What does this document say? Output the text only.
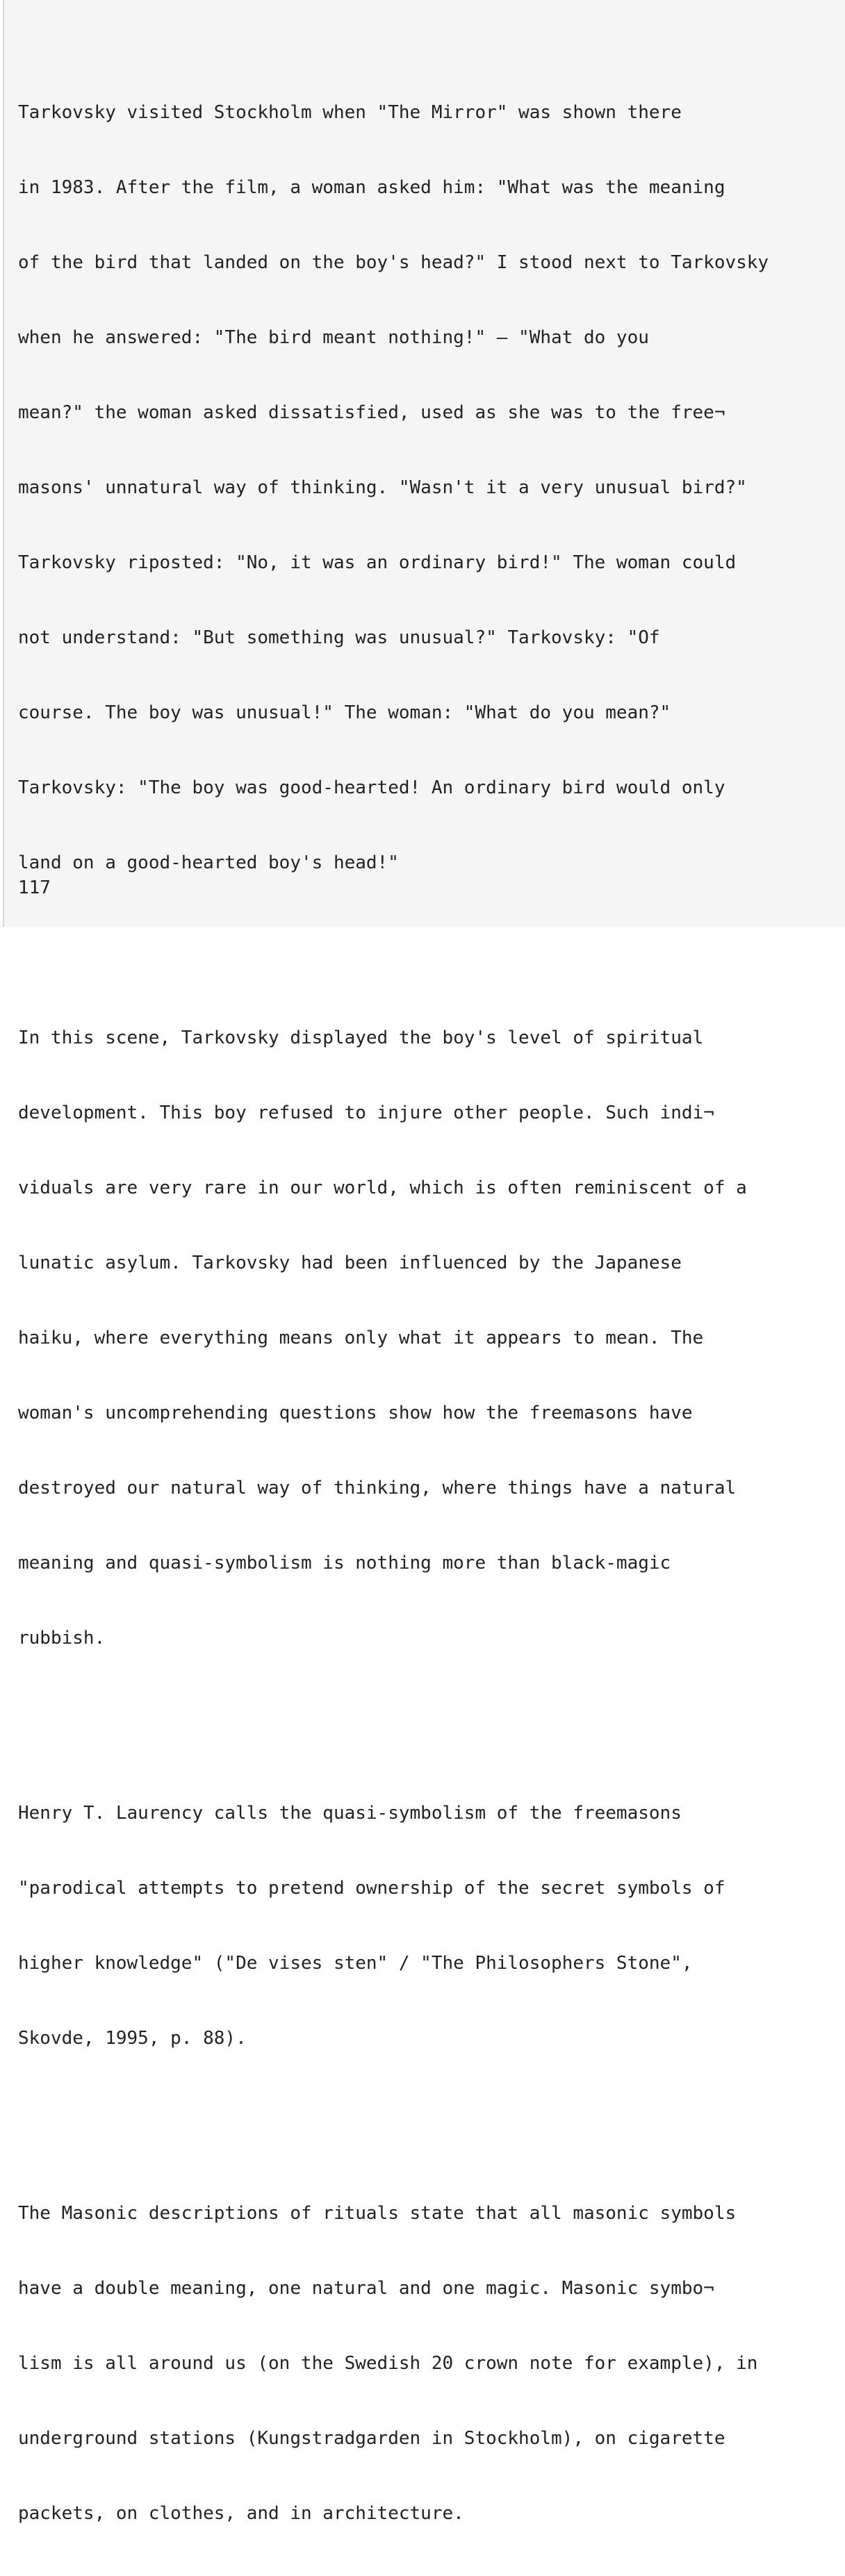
Tarkovsky visited Stockholm when "The Mirror" was shown there

in 1983. After the film, a woman asked him: "What was the meaning

of the bird that landed on the boy's head?" I stood next to Tarkovsky

when he answered: "The bird meant nothing!" – "What do you

mean?" the woman asked dissatisfied, used as she was to the free¬

masons' unnatural way of thinking. "Wasn't it a very unusual bird?"

Tarkovsky riposted: "No, it was an ordinary bird!" The woman could

not understand: "But something was unusual?" Tarkovsky: "Of

course. The boy was unusual!" The woman: "What do you mean?"

Tarkovsky: "The boy was good-hearted! An ordinary bird would only

land on a good-hearted boy's head!"

In this scene, Tarkovsky displayed the boy's level of spiritual

development. This boy refused to injure other people. Such indi¬

viduals are very rare in our world, which is often reminiscent of a

lunatic asylum. Tarkovsky had been influenced by the Japanese

haiku, where everything means only what it appears to mean. The

woman's uncomprehending questions show how the freemasons have

destroyed our natural way of thinking, where things have a natural

meaning and quasi-symbolism is nothing more than black-magic

rubbish.

Henry T. Laurency calls the quasi-symbolism of the freemasons

"parodical attempts to pretend ownership of the secret symbols of

higher knowledge" ("De vises sten" / "The Philosophers Stone",

Skovde, 1995, p. 88).

The Masonic descriptions of rituals state that all masonic symbols

have a double meaning, one natural and one magic. Masonic symbo¬

lism is all around us (on the Swedish 20 crown note for example), in

underground stations (Kungstradgarden in Stockholm), on cigarette

packets, on clothes, and in architecture.

117
